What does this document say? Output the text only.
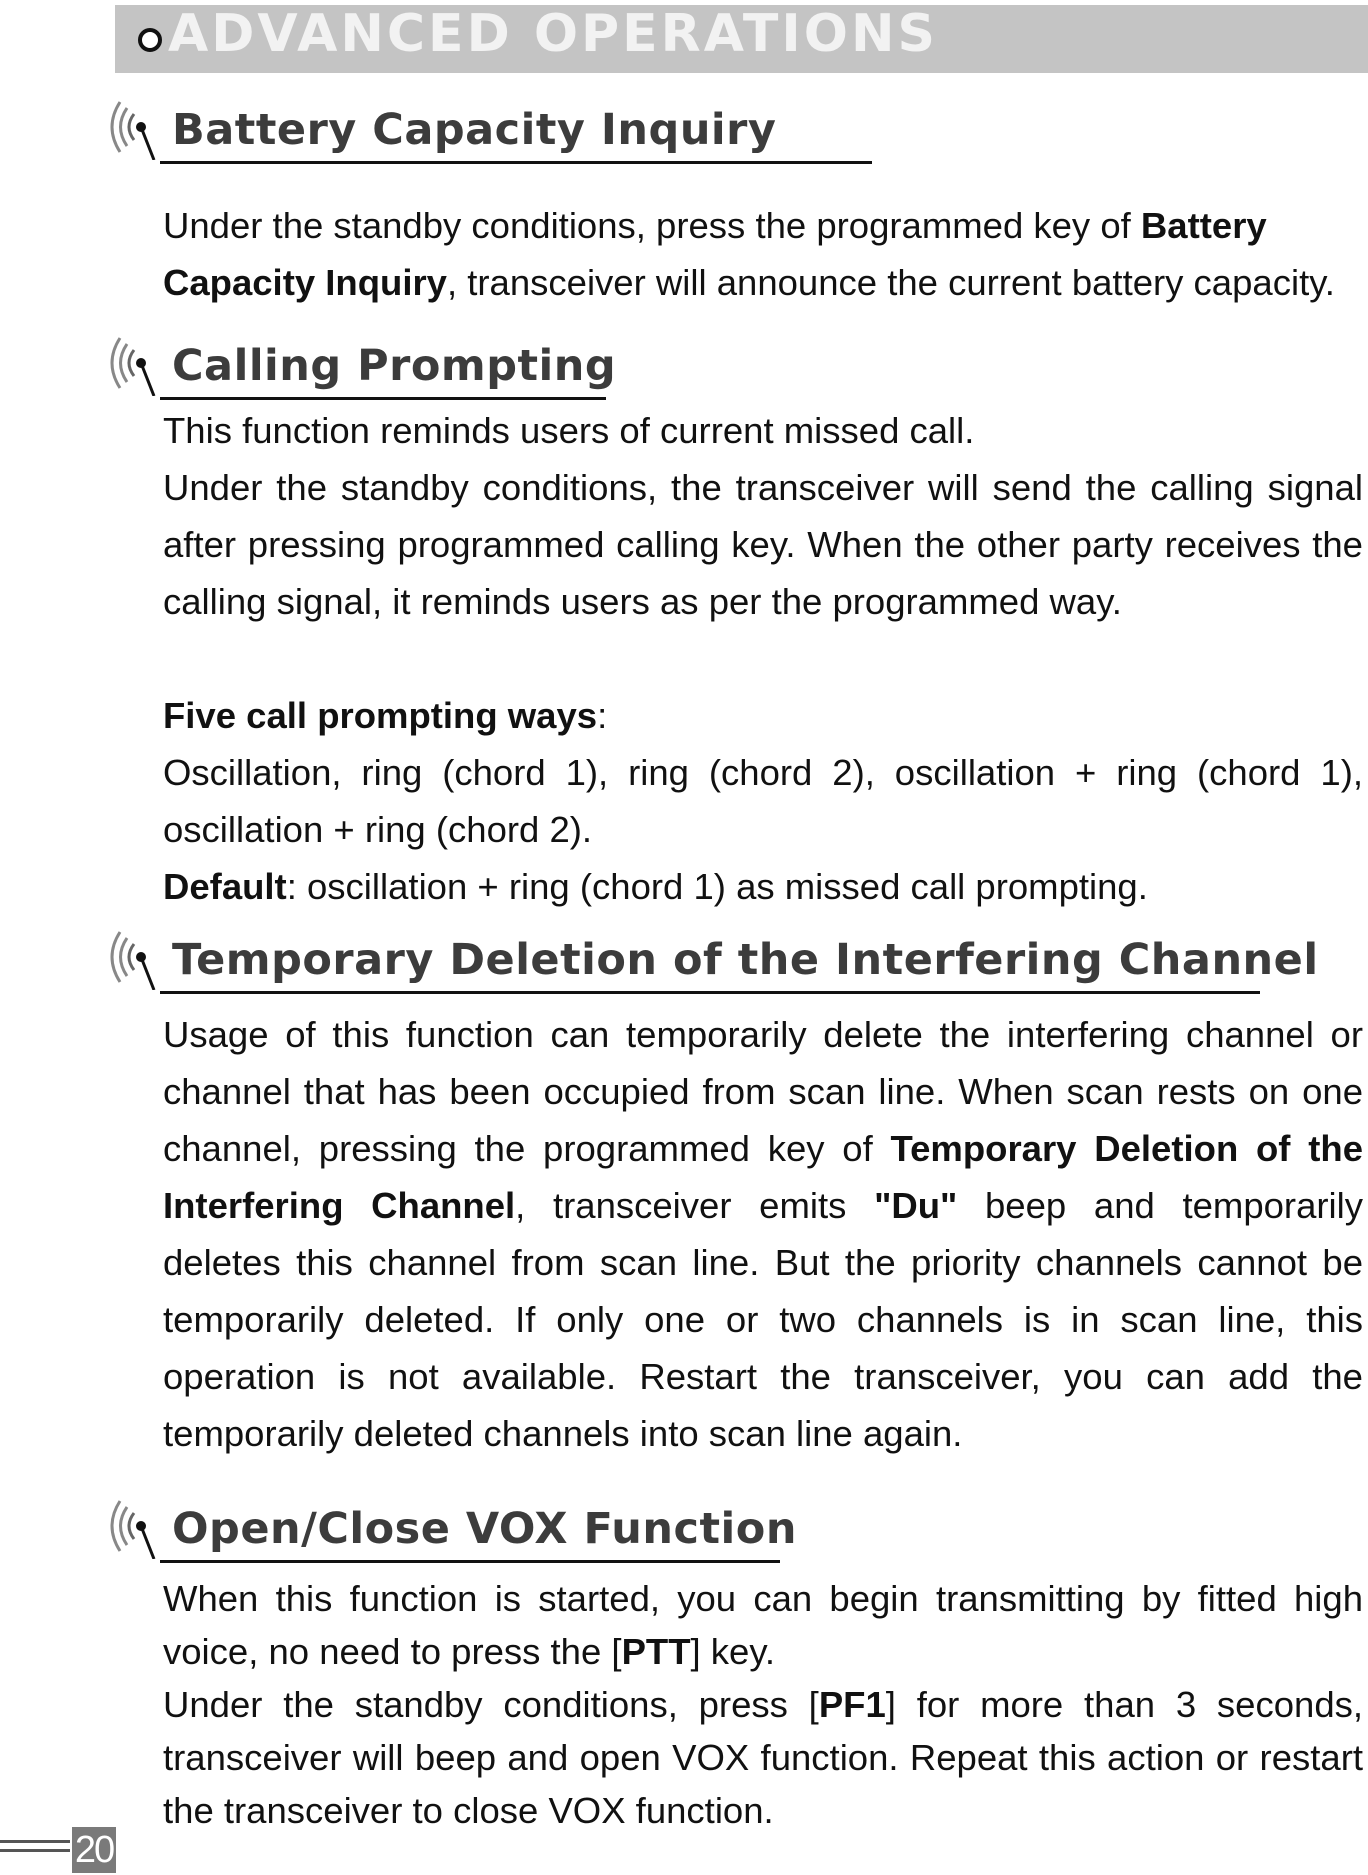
ADVANCED OPERATIONS
Battery Capacity Inquiry

Under the standby conditions, press the programmed key of Battery Capacity Inquiry, transceiver will announce the current battery capacity.

Calling Prompting

This function reminds users of current missed call.

Under the standby conditions, the transceiver will send the calling signal after pressing programmed calling key. When the other party receives the calling signal, it reminds users as per the programmed way.

Five call prompting ways:

Oscillation, ring (chord 1), ring (chord 2), oscillation + ring (chord 1), oscillation + ring (chord 2).

Default: oscillation + ring (chord 1) as missed call prompting.

Temporary Deletion of the Interfering Channel

Usage of this function can temporarily delete the interfering channel or channel that has been occupied from scan line. When scan rests on one channel, pressing the programmed key of Temporary Deletion of the Interfering Channel, transceiver emits "Du" beep and temporarily deletes this channel from scan line. But the priority channels cannot be temporarily deleted. If only one or two channels is in scan line, this operation is not available. Restart the transceiver, you can add the temporarily deleted channels into scan line again.

Open/Close VOX Function

When this function is started, you can begin transmitting by fitted high voice, no need to press the [PTT] key.

Under the standby conditions, press [PF1] for more than 3 seconds, transceiver will beep and open VOX function. Repeat this action or restart the transceiver to close VOX function.

20
